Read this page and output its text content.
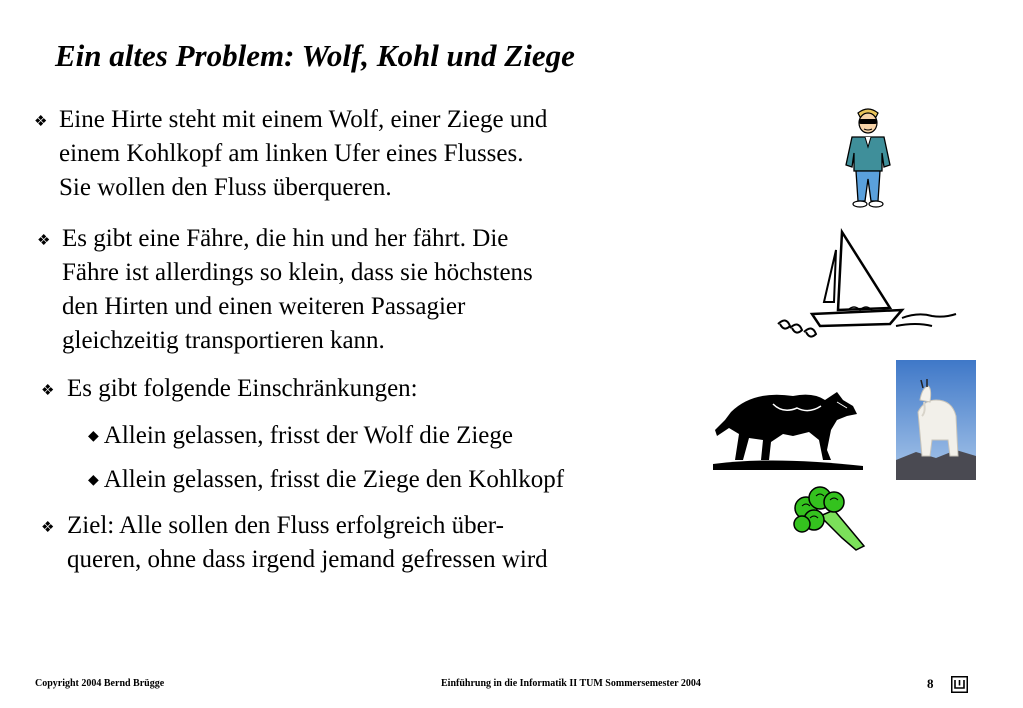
Ein altes Problem: Wolf, Kohl und Ziege
❖ Eine Hirte steht mit einem Wolf, einer Ziege und
einem Kohlkopf am linken Ufer eines Flusses.
Sie wollen den Fluss überqueren.
❖ Es gibt eine Fähre, die hin und her fährt. Die
Fähre ist allerdings so klein, dass sie höchstens
den Hirten und einen weiteren Passagier
gleichzeitig transportieren kann.
❖ Es gibt folgende Einschränkungen:
◆ Allein gelassen, frisst der Wolf die Ziege
◆ Allein gelassen, frisst die Ziege den Kohlkopf
❖ Ziel: Alle sollen den Fluss erfolgreich über-
queren, ohne dass irgend jemand gefressen wird
Copyright 2004 Bernd Brügge	Einführung in die Informatik II TUM Sommersemester 2004	8
